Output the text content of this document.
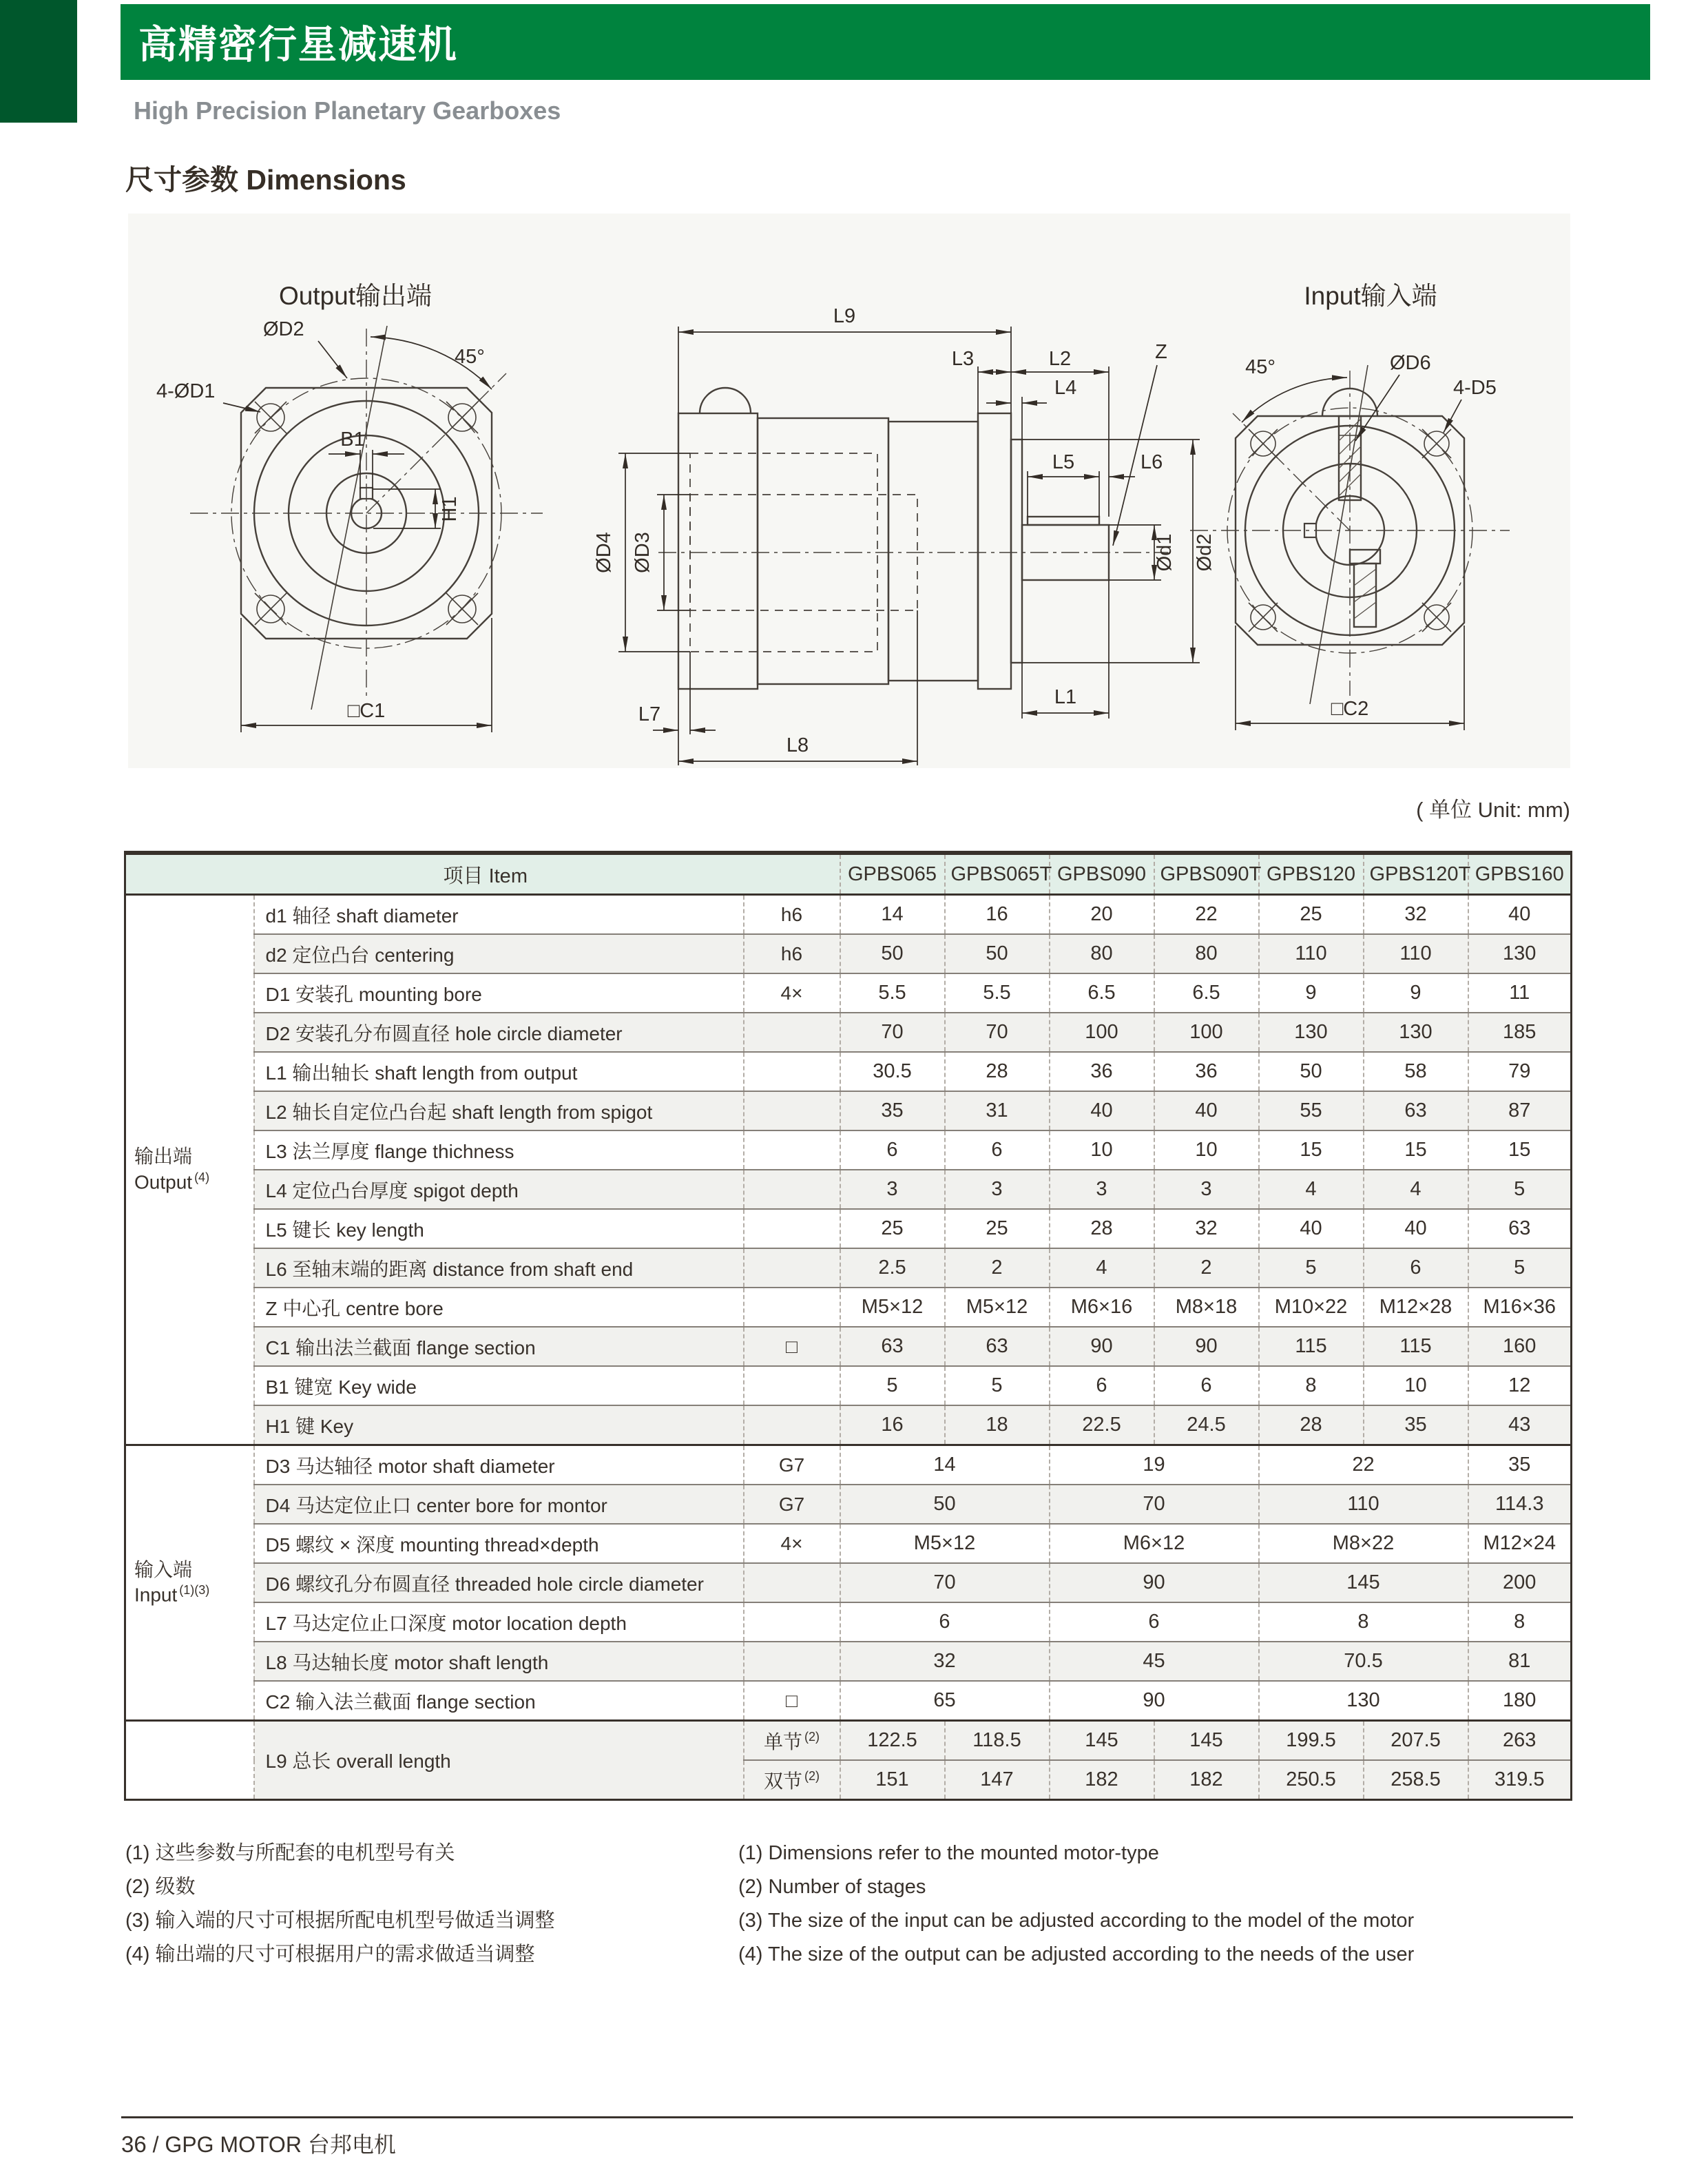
高精密行星减速机
High Precision Planetary Gearboxes
尺寸参数 Dimensions
Output输出端	Input输入端
45°
ØD2
4-ØD1
B1
H1
□C1
L9
L3	L2
L4
L5	L6
Ød1 Ød2
L1
L7
L8
ØD4 ØD3
Z
45°	ØD6
4-D5
□C2
( 单位 Unit: mm)
项目 Item			GPBS065	GPBS065T	GPBS090	GPBS090T	GPBS120	GPBS120T	GPBS160

输出端
Output $^{(4)}$	d1 轴径 shaft diameter	h6	14	16	20	22	25	32	40
	d2 定位凸台 centering	h6	50	50	80	80	110	110	130
	D1 安装孔 mounting bore	4×	5.5	5.5	6.5	6.5	9	9	11
	D2 安装孔分布圆直径 hole circle diameter		70	70	100	100	130	130	185
	L1 输出轴长 shaft length from output		30.5	28	36	36	50	58	79
	L2 轴长自定位凸台起 shaft length from spigot		35	31	40	40	55	63	87
	L3 法兰厚度 flange thichness		6	6	10	10	15	15	15
	L4 定位凸台厚度 spigot depth		3	3	3	3	4	4	5
	L5 键长 key length		25	25	28	32	40	40	63
	L6 至轴末端的距离 distance from shaft end		2.5	2	4	2	5	6	5
	Z 中心孔 centre bore		M5×12	M5×12	M6×16	M8×18	M10×22	M12×28	M16×36
	C1 输出法兰截面 flange section	□	63	63	90	90	115	115	160
	B1 键宽 Key wide		5	5	6	6	8	10	12
	H1 键 Key		16	18	22.5	24.5	28	35	43

输入端
Input $^{(1)(3)}$	D3 马达轴径 motor shaft diameter	G7	14		19		22		35
	D4 马达定位止口 center bore for montor	G7	50		70		110		114.3
	D5 螺纹 × 深度 mounting thread×depth	4×	M5×12		M6×12		M8×22		M12×24
	D6 螺纹孔分布圆直径 threaded hole circle diameter		70		90		145		200
	L7 马达定位止口深度 motor location depth		6		6		8		8
	L8 马达轴长度 motor shaft length		32		45		70.5		81
	C2 输入法兰截面 flange section	□	65		90		130		180
	L9 总长 overall length	单节 $^{(2)}$	122.5	118.5	145	145	199.5	207.5	263
		双节 $^{(2)}$	151	147	182	182	250.5	258.5	319.5
(1) 这些参数与所配套的电机型号有关
(2) 级数
(3) 输入端的尺寸可根据所配电机型号做适当调整
(4) 输出端的尺寸可根据用户的需求做适当调整
(1) Dimensions refer to the mounted motor-type
(2) Number of stages
(3) The size of the input can be adjusted according to the model of the motor
(4) The size of the output can be adjusted according to the needs of the user
36 / GPG MOTOR 台邦电机
